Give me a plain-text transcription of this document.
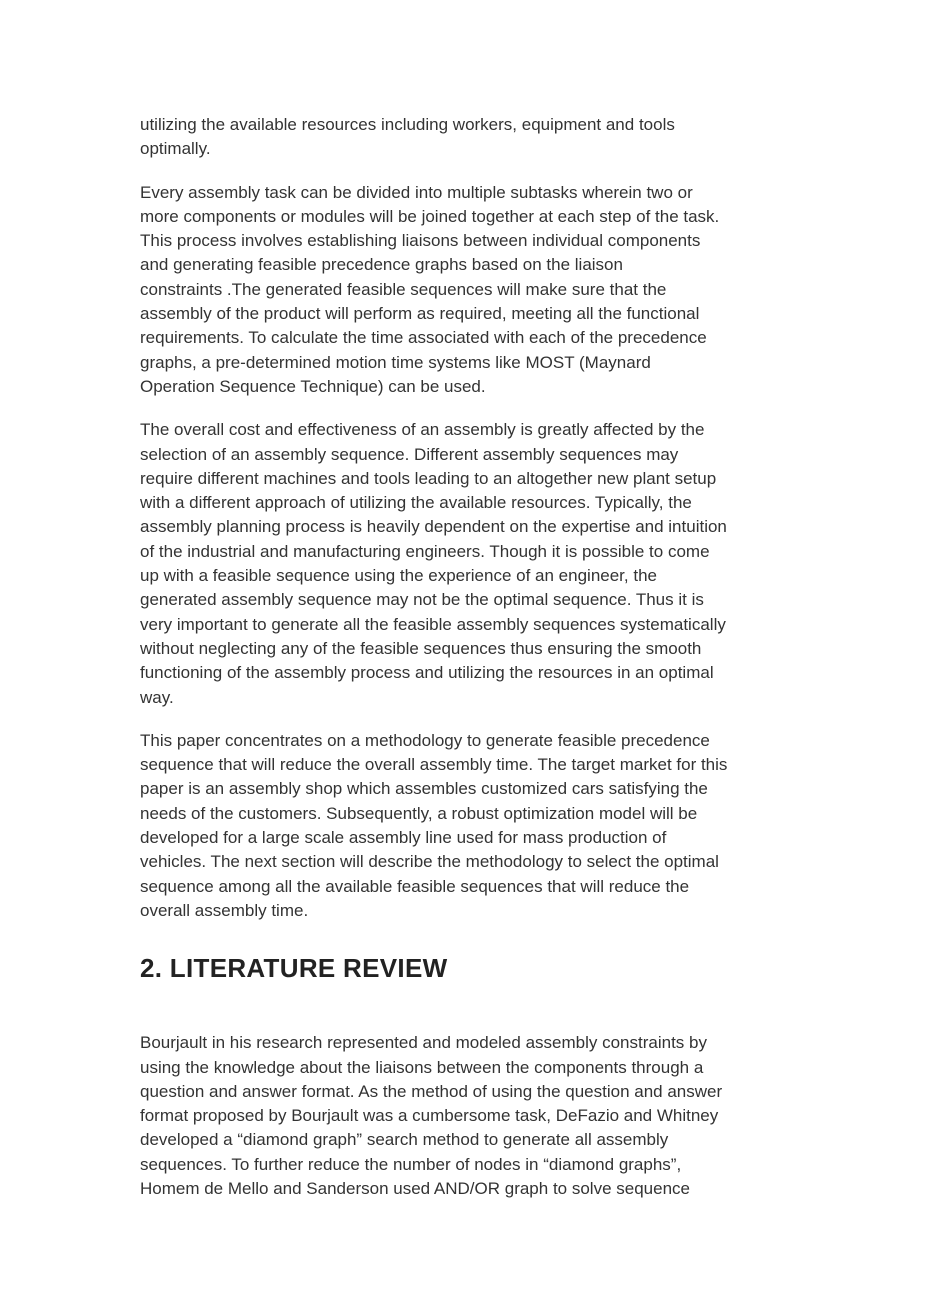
utilizing the available resources including workers, equipment and tools
optimally.

Every assembly task can be divided into multiple subtasks wherein two or
more components or modules will be joined together at each step of the task.
This process involves establishing liaisons between individual components
and generating feasible precedence graphs based on the liaison
constraints .The generated feasible sequences will make sure that the
assembly of the product will perform as required, meeting all the functional
requirements. To calculate the time associated with each of the precedence
graphs, a pre-determined motion time systems like MOST (Maynard
Operation Sequence Technique) can be used.

The overall cost and effectiveness of an assembly is greatly affected by the
selection of an assembly sequence. Different assembly sequences may
require different machines and tools leading to an altogether new plant setup
with a different approach of utilizing the available resources. Typically, the
assembly planning process is heavily dependent on the expertise and intuition
of the industrial and manufacturing engineers. Though it is possible to come
up with a feasible sequence using the experience of an engineer, the
generated assembly sequence may not be the optimal sequence. Thus it is
very important to generate all the feasible assembly sequences systematically
without neglecting any of the feasible sequences thus ensuring the smooth
functioning of the assembly process and utilizing the resources in an optimal
way.

This paper concentrates on a methodology to generate feasible precedence
sequence that will reduce the overall assembly time. The target market for this
paper is an assembly shop which assembles customized cars satisfying the
needs of the customers. Subsequently, a robust optimization model will be
developed for a large scale assembly line used for mass production of
vehicles. The next section will describe the methodology to select the optimal
sequence among all the available feasible sequences that will reduce the
overall assembly time.

2. LITERATURE REVIEW

Bourjault in his research represented and modeled assembly constraints by
using the knowledge about the liaisons between the components through a
question and answer format. As the method of using the question and answer
format proposed by Bourjault was a cumbersome task, DeFazio and Whitney
developed a “diamond graph” search method to generate all assembly
sequences. To further reduce the number of nodes in “diamond graphs”,
Homem de Mello and Sanderson used AND/OR graph to solve sequence
